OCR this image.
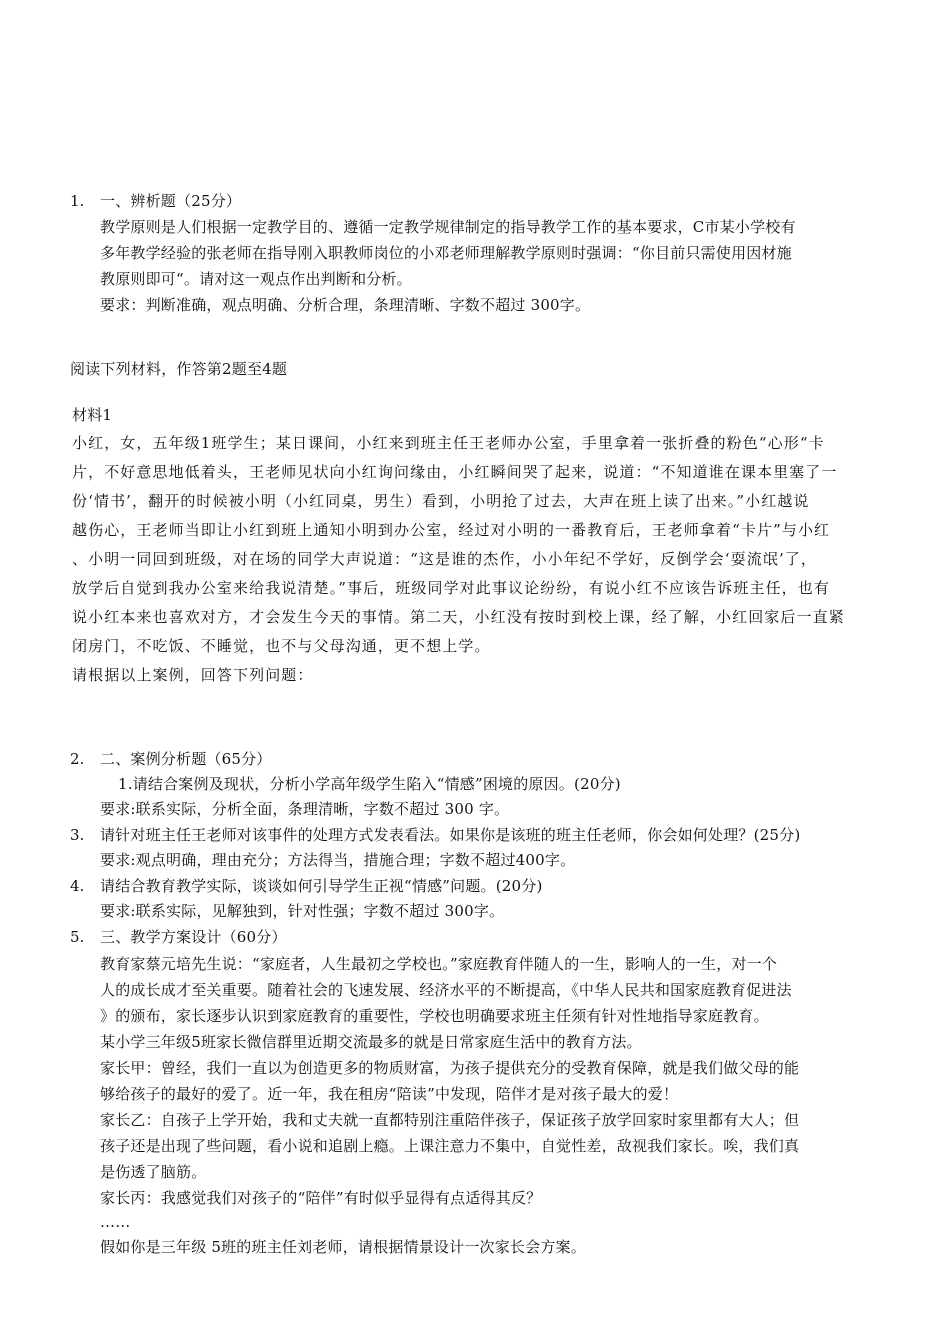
1. 一、辨析题（25分）
教学原则是人们根据一定教学目的、遵循一定教学规律制定的指导教学工作的基本要求，C市某小学校有
多年教学经验的张老师在指导刚入职教师岗位的小邓老师理解教学原则时强调：“你目前只需使用因材施
教原则即可“。请对这一观点作出判断和分析。
要求：判断准确，观点明确、分析合理，条理清晰、字数不超过 300字。
阅读下列材料，作答第2题至4题
材料1
小红，女，五年级1班学生；某日课间，小红来到班主任王老师办公室，手里拿着一张折叠的粉色“心形“卡
片，不好意思地低着头，王老师见状向小红询问缘由，小红瞬间哭了起来，说道：“不知道谁在课本里塞了一
份‘情书’，翻开的时候被小明（小红同桌，男生）看到，小明抢了过去，大声在班上读了出来。”小红越说
越伤心，王老师当即让小红到班上通知小明到办公室，经过对小明的一番教育后，王老师拿着“卡片”与小红
、小明一同回到班级，对在场的同学大声说道：“这是谁的杰作，小小年纪不学好，反倒学会‘耍流氓’了，
放学后自觉到我办公室来给我说清楚。”事后，班级同学对此事议论纷纷，有说小红不应该告诉班主任，也有
说小红本来也喜欢对方，才会发生今天的事情。第二天，小红没有按时到校上课，经了解，小红回家后一直紧
闭房门，不吃饭、不睡觉，也不与父母沟通，更不想上学。
请根据以上案例，回答下列问题：
2. 二、案例分析题（65分）
1.请结合案例及现状，分析小学高年级学生陷入“情感”困境的原因。(20分)
要求:联系实际，分析全面，条理清晰，字数不超过 300 字。
3. 请针对班主任王老师对该事件的处理方式发表看法。如果你是该班的班主任老师，你会如何处理？(25分)
要求:观点明确，理由充分；方法得当，措施合理；字数不超过400字。
4. 请结合教育教学实际，谈谈如何引导学生正视“情感”问题。(20分)
要求:联系实际，见解独到，针对性强；字数不超过 300字。
5. 三、教学方案设计（60分）
教育家蔡元培先生说：“家庭者，人生最初之学校也。”家庭教育伴随人的一生，影响人的一生，对一个
人的成长成才至关重要。随着社会的飞速发展、经济水平的不断提高，《中华人民共和国家庭教育促进法
》的颁布，家长逐步认识到家庭教育的重要性，学校也明确要求班主任须有针对性地指导家庭教育。
某小学三年级5班家长微信群里近期交流最多的就是日常家庭生活中的教育方法。
家长甲：曾经，我们一直以为创造更多的物质财富，为孩子提供充分的受教育保障，就是我们做父母的能
够给孩子的最好的爱了。近一年，我在租房“陪读”中发现，陪伴才是对孩子最大的爱！
家长乙：自孩子上学开始，我和丈夫就一直都特别注重陪伴孩子，保证孩子放学回家时家里都有大人；但
孩子还是出现了些问题，看小说和追剧上瘾。上课注意力不集中，自觉性差，敌视我们家长。唉，我们真
是伤透了脑筋。
家长丙：我感觉我们对孩子的“陪伴”有时似乎显得有点适得其反？
……
假如你是三年级 5班的班主任刘老师，请根据情景设计一次家长会方案。
